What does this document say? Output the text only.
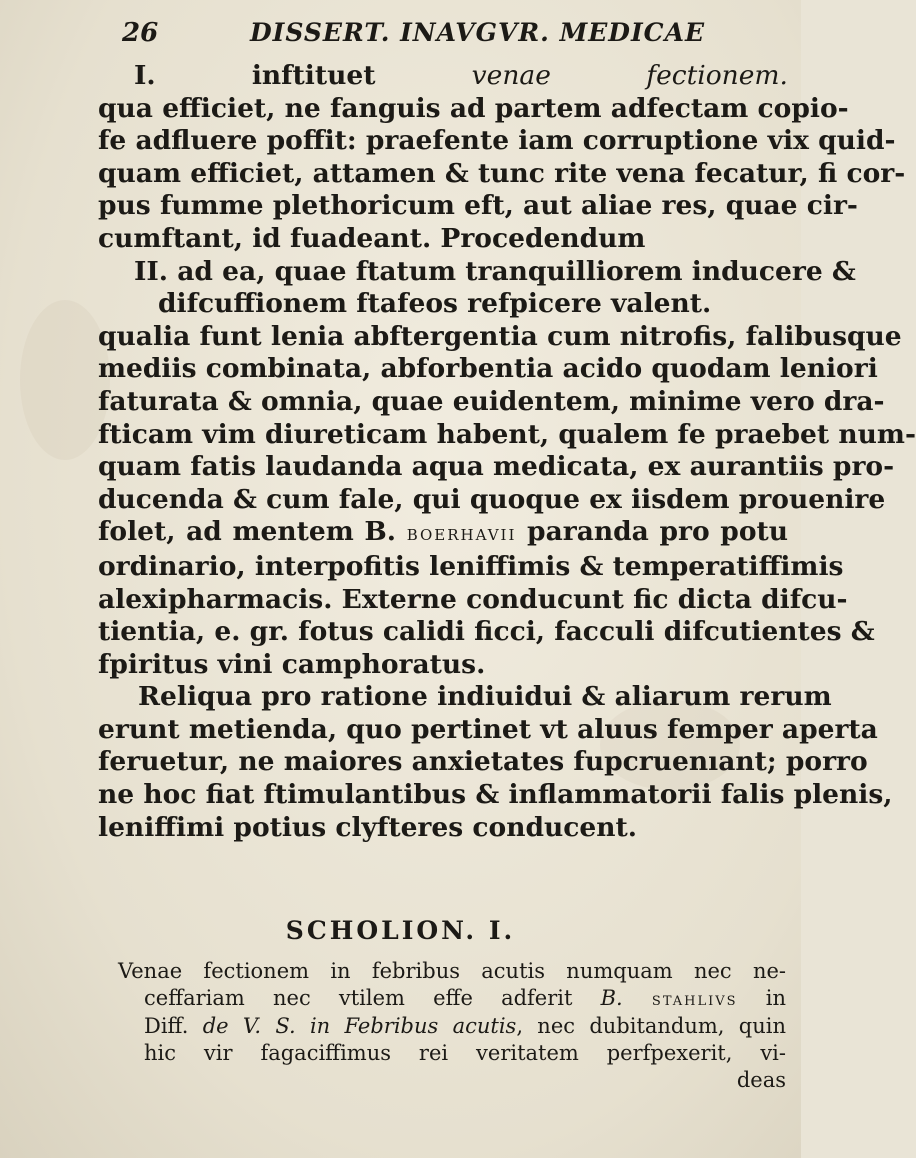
26	DISSERT. INAVGVR. MEDICAE

I. inftituet venae fectionem.

qua efficiet, ne fanguis ad partem adfectam copio-

fe adfluere poffit: praefente iam corruptione vix quid-

quam efficiet, attamen & tunc rite vena fecatur, fi cor-

pus fumme plethoricum eft, aut aliae res, quae cir-

cumftant, id fuadeant. Procedendum

II. ad ea, quae ftatum tranquilliorem inducere &

difcuffionem ftafeos refpicere valent.

qualia funt lenia abftergentia cum nitrofis, falibusque

mediis combinata, abforbentia acido quodam leniori

faturata & omnia, quae euidentem, minime vero dra-

fticam vim diureticam habent, qualem fe praebet num-

quam fatis laudanda aqua medicata, ex aurantiis pro-

ducenda & cum fale, qui quoque ex iisdem prouenire

folet, ad mentem B. boerhavii paranda pro potu

ordinario, interpofitis leniffimis & temperatiffimis

alexipharmacis. Externe conducunt fic dicta difcu-

tientia, e. gr. fotus calidi ficci, facculi difcutientes &

fpiritus vini camphoratus.

Reliqua pro ratione indiuidui & aliarum rerum

erunt metienda, quo pertinet vt aluus femper aperta

feruetur, ne maiores anxietates fupcruenıant; porro

ne hoc fiat ftimulantibus & inflammatorii falis plenis,

leniffimi potius clyfteres conducent.

SCHOLION. I.

Venae fectionem in febribus acutis numquam nec ne-

ceffariam nec vtilem effe adferit B. stahlivs in

Diff. de V. S. in Febribus acutis, nec dubitandum, quin

hic vir fagaciffimus rei veritatem perfpexerit, vi-

deas
